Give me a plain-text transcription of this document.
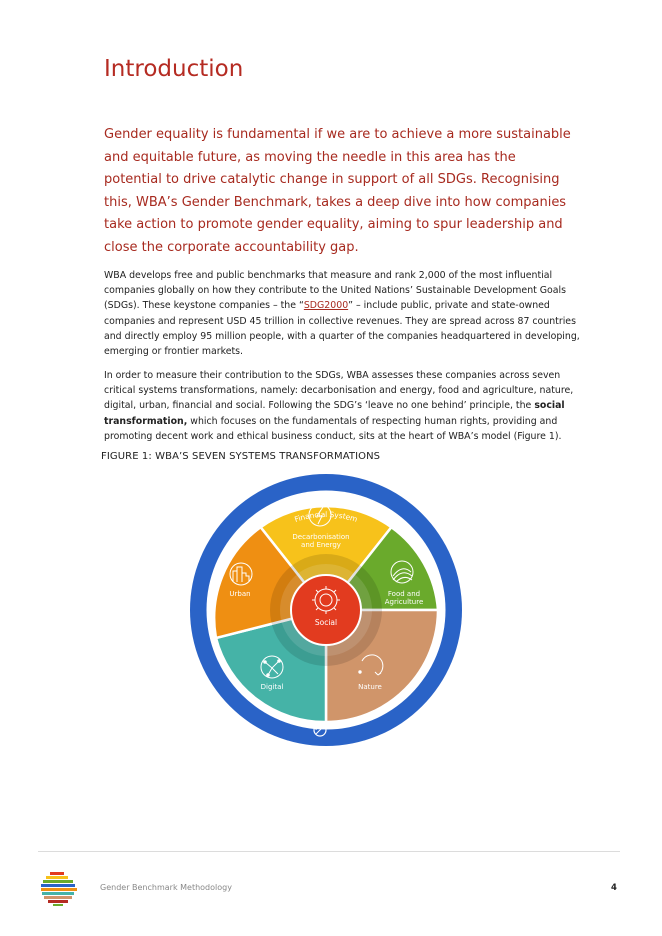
Introduction

Gender equality is fundamental if we are to achieve a more sustainable and equitable future, as moving the needle in this area has the potential to drive catalytic change in support of all SDGs. Recognising this, WBA’s Gender Benchmark, takes a deep dive into how companies take action to promote gender equality, aiming to spur leadership and close the corporate accountability gap.

WBA develops free and public benchmarks that measure and rank 2,000 of the most influential companies globally on how they contribute to the United Nations’ Sustainable Development Goals (SDGs). These keystone companies – the “SDG2000” – include public, private and state-owned companies and represent USD 45 trillion in collective revenues. They are spread across 87 countries and directly employ 95 million people, with a quarter of the companies headquartered in developing, emerging or frontier markets.

In order to measure their contribution to the SDGs, WBA assesses these companies across seven critical systems transformations, namely: decarbonisation and energy, food and agriculture, nature, digital, urban, financial and social. Following the SDG’s ‘leave no one behind’ principle, the social transformation, which focuses on the fundamentals of respecting human rights, providing and promoting decent work and ethical business conduct, sits at the heart of WBA’s model (Figure 1).

FIGURE 1: WBA’S SEVEN SYSTEMS TRANSFORMATIONS

Social
Decarbonisation
and Energy
Food and
Agriculture
Nature
Digital
Urban
Financial System
Gender Benchmark Methodology	4
